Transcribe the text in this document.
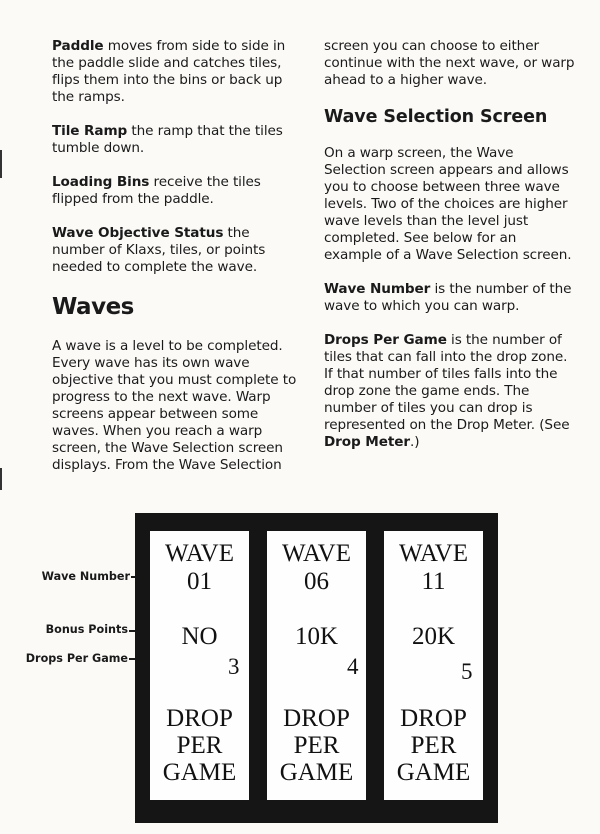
Paddle moves from side to side in the paddle slide and catches tiles, flips them into the bins or back up the ramps.

Tile Ramp the ramp that the tiles tumble down.

Loading Bins receive the tiles flipped from the paddle.

Wave Objective Status the number of Klaxs, tiles, or points needed to complete the wave.

Waves

A wave is a level to be completed. Every wave has its own wave objective that you must complete to progress to the next wave. Warp screens appear between some waves. When you reach a warp screen, the Wave Selection screen displays. From the Wave Selection

screen you can choose to either continue with the next wave, or warp ahead to a higher wave.

Wave Selection Screen

On a warp screen, the Wave Selection screen appears and allows you to choose between three wave levels. Two of the choices are higher wave levels than the level just completed. See below for an example of a Wave Selection screen.

Wave Number is the number of the wave to which you can warp.

Drops Per Game is the number of tiles that can fall into the drop zone. If that number of tiles falls into the drop zone the game ends. The number of tiles you can drop is represented on the Drop Meter. (See Drop Meter.)

Wave Number
Bonus Points
Drops Per Game
WAVE
01
NO
3
DROP
PER
GAME
WAVE
06
10K
4
DROP
PER
GAME
WAVE
11
20K
5
DROP
PER
GAME
